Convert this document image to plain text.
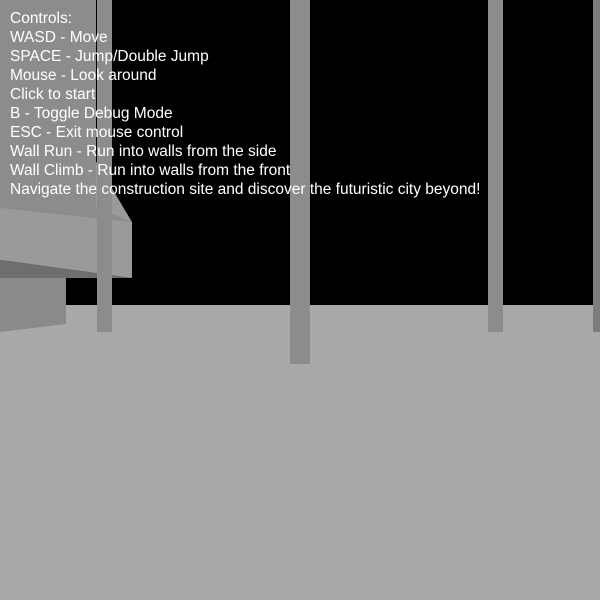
Controls:
WASD - Move
SPACE - Jump/Double Jump
Mouse - Look around
Click to start
B - Toggle Debug Mode
ESC - Exit mouse control
Wall Run - Run into walls from the side
Wall Climb - Run into walls from the front
Navigate the construction site and discover the futuristic city beyond!
